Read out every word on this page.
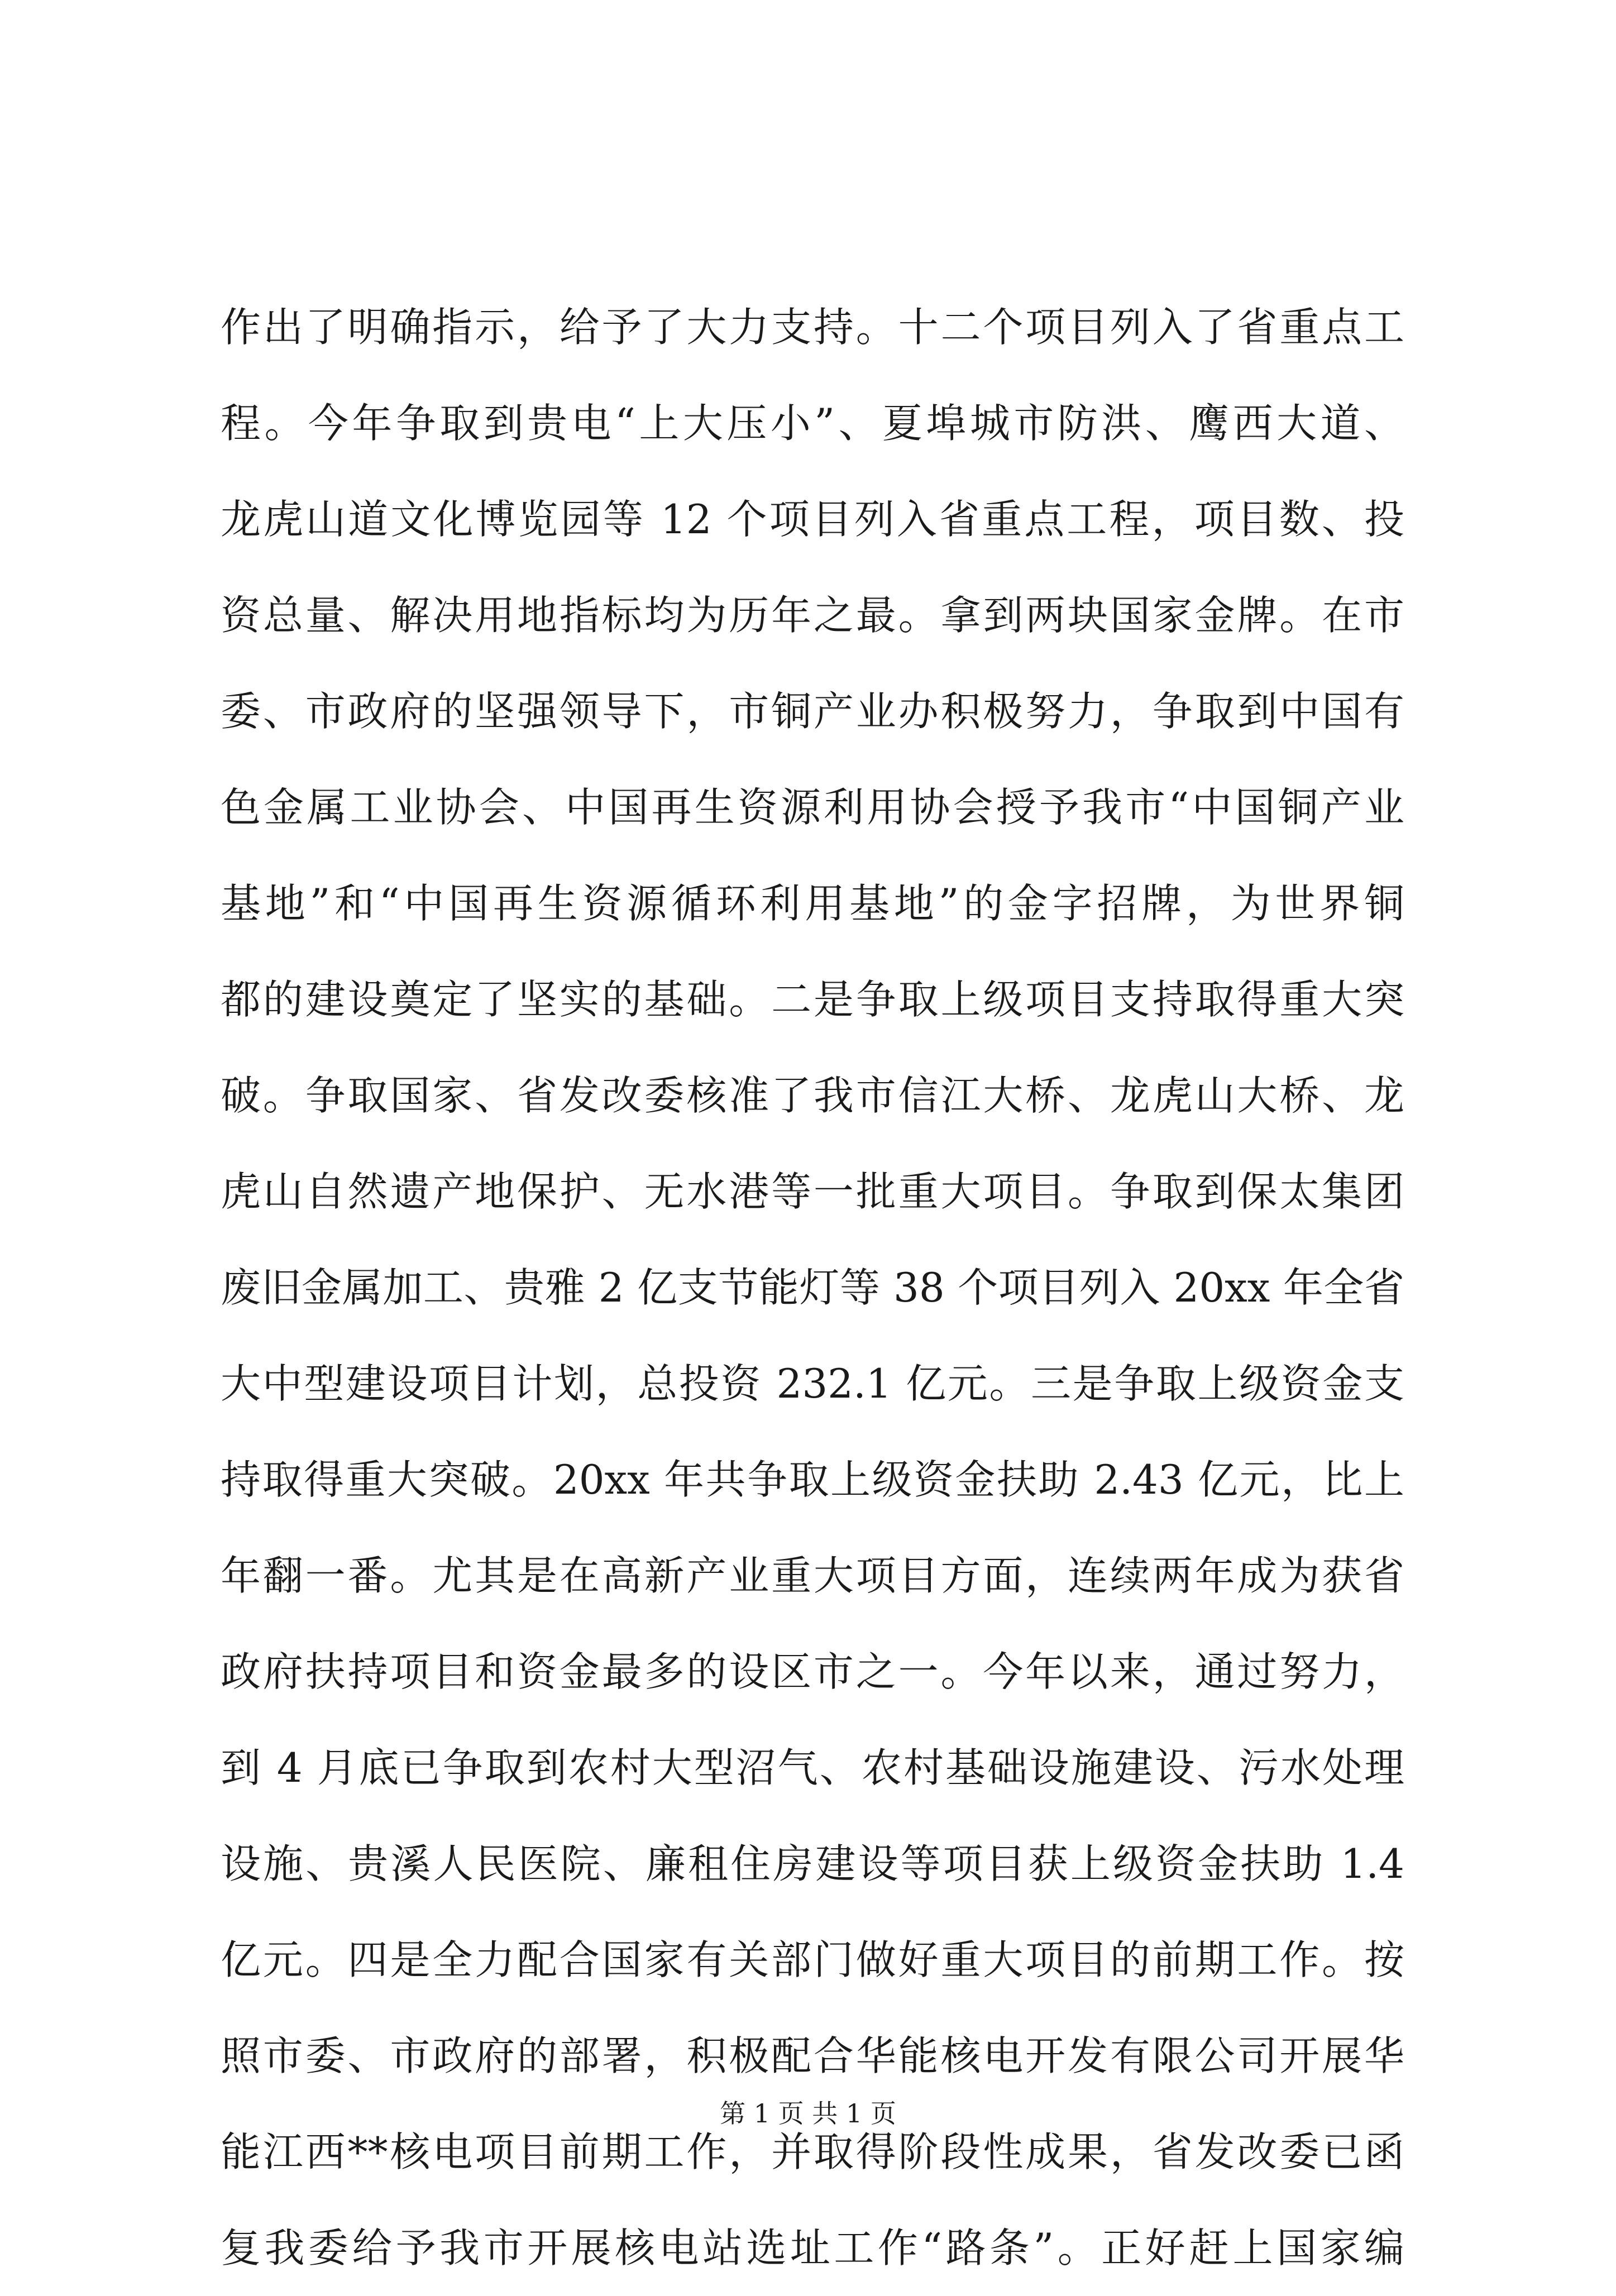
作出了明确指示，给予了大力支持。十二个项目列入了省重点工
程。今年争取到贵电“上大压小”、夏埠城市防洪、鹰西大道、
龙虎山道文化博览园等 12 个项目列入省重点工程，项目数、投
资总量、解决用地指标均为历年之最。拿到两块国家金牌。在市
委、市政府的坚强领导下，市铜产业办积极努力，争取到中国有
色金属工业协会、中国再生资源利用协会授予我市“中国铜产业
基地”和“中国再生资源循环利用基地”的金字招牌，为世界铜
都的建设奠定了坚实的基础。二是争取上级项目支持取得重大突
破。争取国家、省发改委核准了我市信江大桥、龙虎山大桥、龙
虎山自然遗产地保护、无水港等一批重大项目。争取到保太集团
废旧金属加工、贵雅 2 亿支节能灯等 38 个项目列入 20xx 年全省
大中型建设项目计划，总投资 232.1 亿元。三是争取上级资金支
持取得重大突破。20xx 年共争取上级资金扶助 2.43 亿元，比上
年翻一番。尤其是在高新产业重大项目方面，连续两年成为获省
政府扶持项目和资金最多的设区市之一。今年以来，通过努力，
到 4 月底已争取到农村大型沼气、农村基础设施建设、污水处理
设施、贵溪人民医院、廉租住房建设等项目获上级资金扶助 1.4
亿元。四是全力配合国家有关部门做好重大项目的前期工作。按
照市委、市政府的部署，积极配合华能核电开发有限公司开展华
能江西**核电项目前期工作，并取得阶段性成果，省发改委已函
复我委给予我市开展核电站选址工作“路条”。正好赶上国家编
第 1 页 共 1 页
